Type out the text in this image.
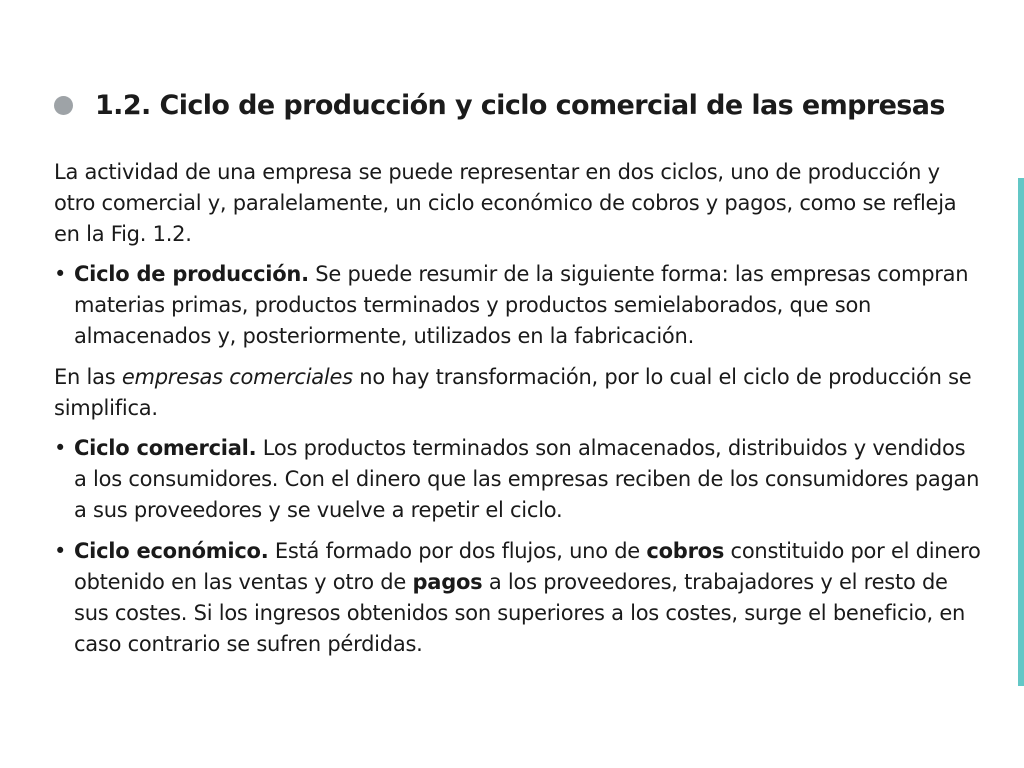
1.2. Ciclo de producción y ciclo comercial de las empresas

La actividad de una empresa se puede representar en dos ciclos, uno de producción y otro comercial y, paralelamente, un ciclo económico de cobros y pagos, como se refleja en la Fig. 1.2.

• Ciclo de producción. Se puede resumir de la siguiente forma: las empresas compran materias primas, productos terminados y productos semielaborados, que son almacenados y, posteriormente, utilizados en la fabricación.

En las empresas comerciales no hay transformación, por lo cual el ciclo de producción se simplifica.

• Ciclo comercial. Los productos terminados son almacenados, distribuidos y vendidos a los consumidores. Con el dinero que las empresas reciben de los consumidores pagan a sus proveedores y se vuelve a repetir el ciclo.
• Ciclo económico. Está formado por dos flujos, uno de cobros constituido por el dinero obtenido en las ventas y otro de pagos a los proveedores, trabajadores y el resto de sus costes. Si los ingresos obtenidos son superiores a los costes, surge el beneficio, en caso contrario se sufren pérdidas.
